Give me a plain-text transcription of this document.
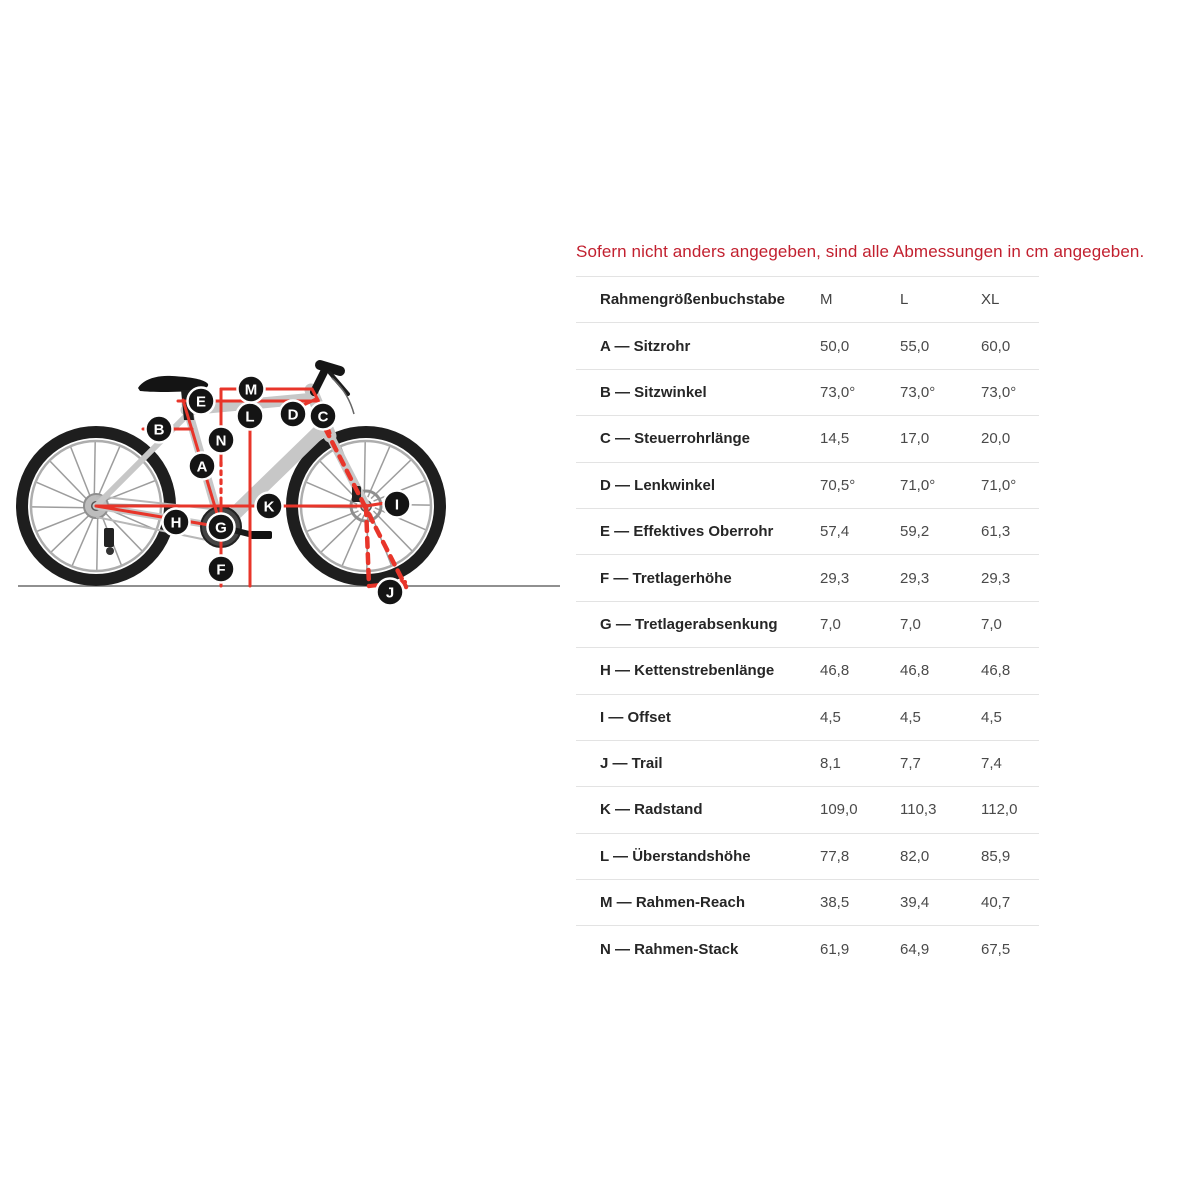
Sofern nicht anders angegeben, sind alle Abmessungen in cm angegeben.
Rahmengrößenbuchstabe	M	L	XL
A — Sitzrohr	50,0	55,0	60,0
B — Sitzwinkel	73,0°	73,0°	73,0°
C — Steuerrohrlänge	14,5	17,0	20,0
D — Lenkwinkel	70,5°	71,0°	71,0°
E — Effektives Oberrohr	57,4	59,2	61,3
F — Tretlagerhöhe	29,3	29,3	29,3
G — Tretlagerabsenkung	7,0	7,0	7,0
H — Kettenstrebenlänge	46,8	46,8	46,8
I — Offset	4,5	4,5	4,5
J — Trail	8,1	7,7	7,4
K — Radstand	109,0	110,3	112,0
L — Überstandshöhe	77,8	82,0	85,9
M — Rahmen-Reach	38,5	39,4	40,7
N — Rahmen-Stack	61,9	64,9	67,5
A
B
C
D
E
F
G
H
I
J
K
L
M
N
